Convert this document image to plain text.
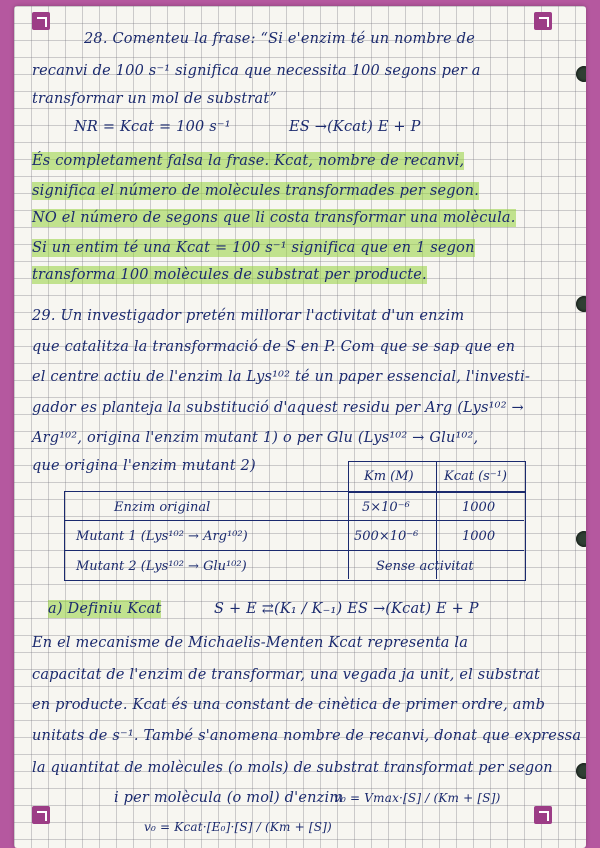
28. Comenteu la frase: “Si e'enzim té un nombre de
recanvi de 100 s⁻¹ significa que necessita 100 segons per a
transformar un mol de substrat”
NR = Kcat = 100 s⁻¹	ES →(Kcat) E + P
És completament falsa la frase. Kcat, nombre de recanvi,
significa el número de molècules transformades per segon.
NO el número de segons que li costa transformar una molècula.
Si un entim té una Kcat = 100 s⁻¹ significa que en 1 segon
transforma 100 molècules de substrat per producte.
29. Un investigador pretén millorar l'activitat d'un enzim
que catalitza la transformació de S en P. Com que se sap que en
el centre actiu de l'enzim la Lys¹⁰² té un paper essencial, l'investi-
gador es planteja la substitució d'aquest residu per Arg (Lys¹⁰² →
Arg¹⁰², origina l'enzim mutant 1) o per Glu (Lys¹⁰² → Glu¹⁰²,
que origina l'enzim mutant 2)
Km (M) Kcat (s⁻¹)
Enzim original	5×10⁻⁶	1000
Mutant 1 (Lys¹⁰² → Arg¹⁰²)	500×10⁻⁶	1000
Mutant 2 (Lys¹⁰² → Glu¹⁰²)	Sense activitat
a) Definiu Kcat	S + E ⇄(K₁ / K₋₁) ES →(Kcat) E + P
En el mecanisme de Michaelis-Menten Kcat representa la
capacitat de l'enzim de transformar, una vegada ja unit, el substrat
en producte. Kcat és una constant de cinètica de primer ordre, amb
unitats de s⁻¹. També s'anomena nombre de recanvi, donat que expressa
la quantitat de molècules (o mols) de substrat transformat per segon
i per molècula (o mol) d'enzim
v₀ = Vmax·[S] / (Km + [S])
v₀ = Kcat·[E₀]·[S] / (Km + [S])
